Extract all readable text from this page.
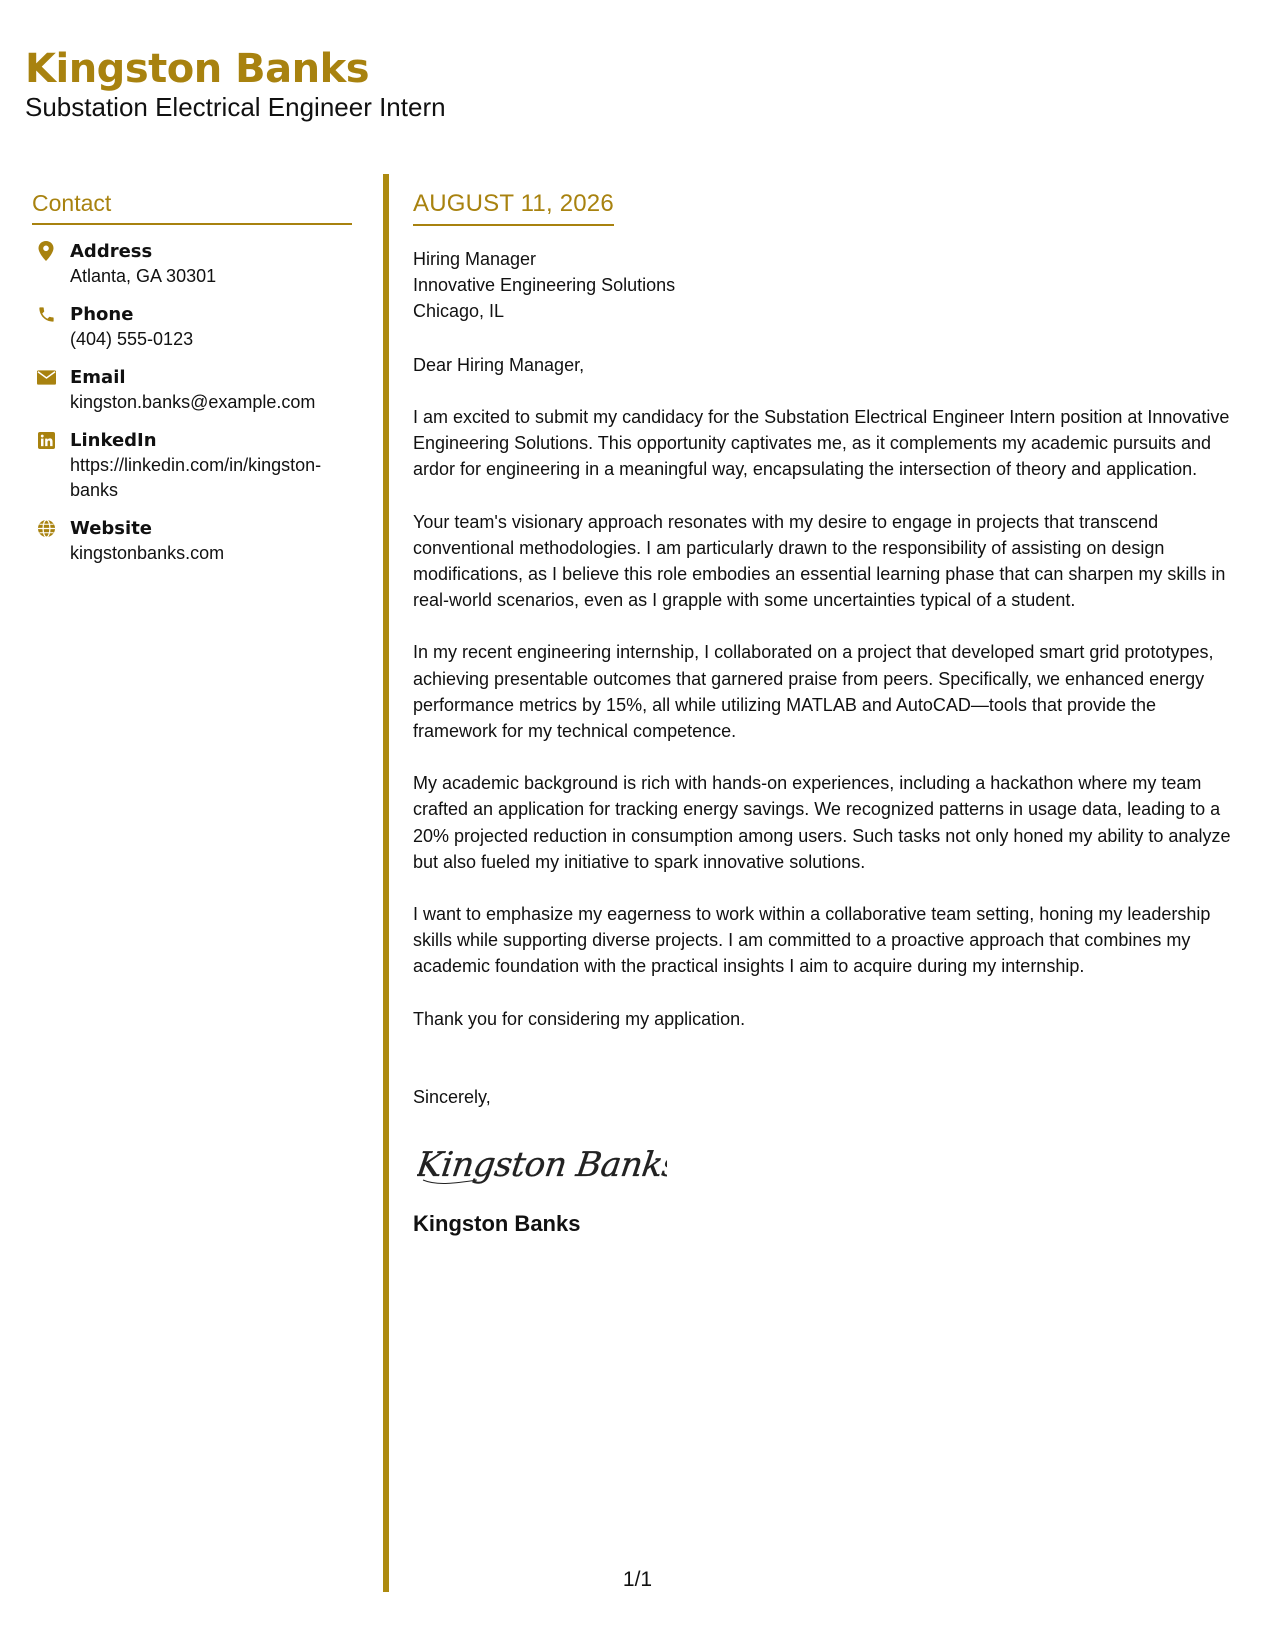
Kingston Banks
Substation Electrical Engineer Intern
Contact
Address
Atlanta, GA 30301
Phone
(404) 555-0123
Email
kingston.banks@example.com
LinkedIn
https://linkedin.com/in/kingston-banks
Website
kingstonbanks.com
AUGUST 11, 2026
Hiring Manager
Innovative Engineering Solutions
Chicago, IL
Dear Hiring Manager,
I am excited to submit my candidacy for the Substation Electrical Engineer Intern position at Innovative Engineering Solutions. This opportunity captivates me, as it complements my academic pursuits and ardor for engineering in a meaningful way, encapsulating the intersection of theory and application.
Your team's visionary approach resonates with my desire to engage in projects that transcend conventional methodologies. I am particularly drawn to the responsibility of assisting on design modifications, as I believe this role embodies an essential learning phase that can sharpen my skills in real-world scenarios, even as I grapple with some uncertainties typical of a student.
In my recent engineering internship, I collaborated on a project that developed smart grid prototypes, achieving presentable outcomes that garnered praise from peers. Specifically, we enhanced energy performance metrics by 15%, all while utilizing MATLAB and AutoCAD—tools that provide the framework for my technical competence.
My academic background is rich with hands-on experiences, including a hackathon where my team crafted an application for tracking energy savings. We recognized patterns in usage data, leading to a 20% projected reduction in consumption among users. Such tasks not only honed my ability to analyze but also fueled my initiative to spark innovative solutions.
I want to emphasize my eagerness to work within a collaborative team setting, honing my leadership skills while supporting diverse projects. I am committed to a proactive approach that combines my academic foundation with the practical insights I aim to acquire during my internship.
Thank you for considering my application.
Sincerely,
Kingston Banks
Kingston Banks
1/1
